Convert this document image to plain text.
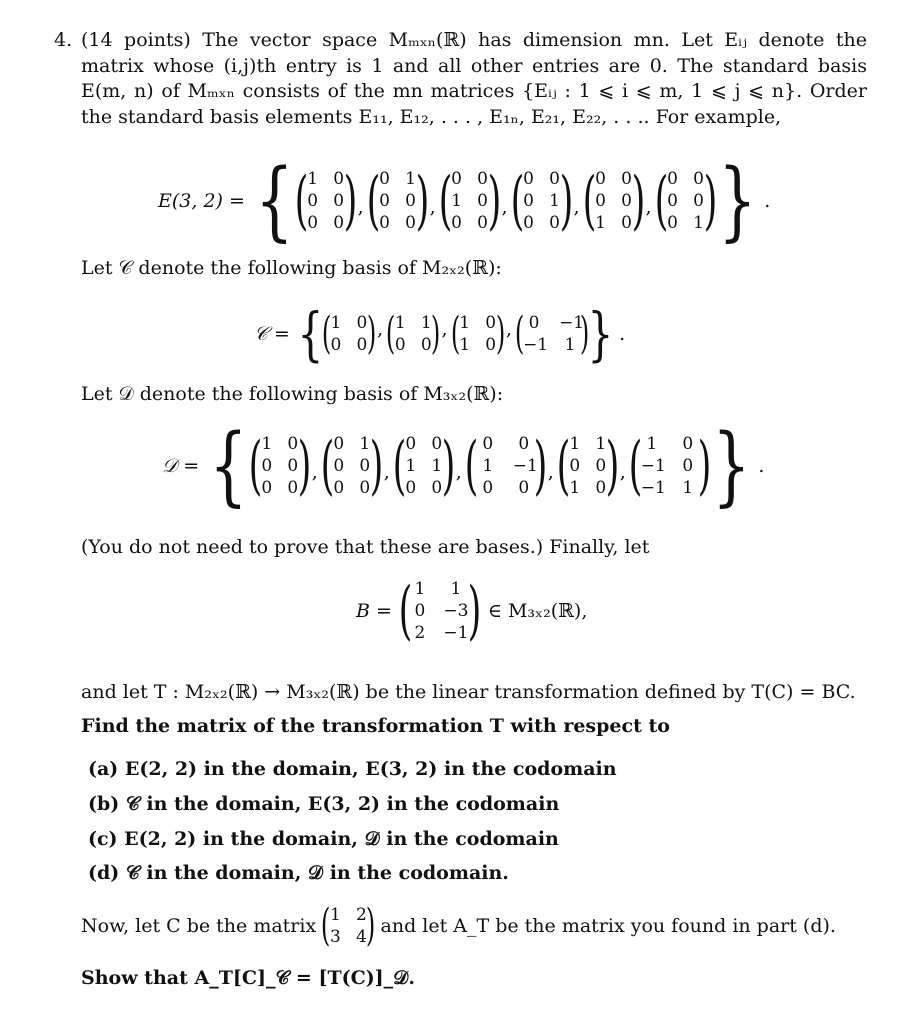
4. (14 points) The vector space Mₘₓₙ(ℝ) has dimension mn. Let Eᵢⱼ denote the matrix whose (i,j)th entry is 1 and all other entries are 0. The standard basis E(m, n) of Mₘₓₙ consists of the mn matrices {Eᵢⱼ : 1 ⩽ i ⩽ m, 1 ⩽ j ⩽ n}. Order the standard basis elements E₁₁, E₁₂, . . . , E₁ₙ, E₂₁, E₂₂, . . .. For example,
E(3, 2) = { ( 1 0
0 0
0 0 ) , ( 0 1
0 0
0 0 ) , ( 0 0
1 0
0 0 ) , ( 0 0
0 1
0 0 ) , ( 0 0
0 0
1 0 ) , ( 0 0
0 0
0 1 ) } .
Let 𝒞 denote the following basis of M₂ₓ₂(ℝ):
𝒞 = {
( 1 0
0 0 ) , ( 1 1
0 0 ) , ( 1 0
1 0 ) , ( 0	−1
−1 1 )
} .
Let 𝒟 denote the following basis of M₃ₓ₂(ℝ):
𝒟 = { ( 1 0
0 0
0 0 ) , ( 0 1
0 0
0 0 ) , ( 0 0
1 1
0 0 ) , ( 0	0
1	−1
0	0 ) , ( 1 1
0 0
1 0 ) , ( 1	0
−1 0
−1 1 ) } .
(You do not need to prove that these are bases.) Finally, let
B = ( 1	1
0 −3
2 −1 ) ∈ M₃ₓ₂(ℝ),
and let T : M₂ₓ₂(ℝ) → M₃ₓ₂(ℝ) be the linear transformation defined by T(C) = BC.
Find the matrix of the transformation T with respect to
(a) E(2, 2) in the domain, E(3, 2) in the codomain
(b) 𝒞 in the domain, E(3, 2) in the codomain
(c) E(2, 2) in the domain, 𝒟 in the codomain
(d) 𝒞 in the domain, 𝒟 in the codomain.
Now, let C be the matrix ( 1 2
3 4 ) and let A_T be the matrix you found in part (d).
Show that A_T[C]_𝒞 = [T(C)]_𝒟.
